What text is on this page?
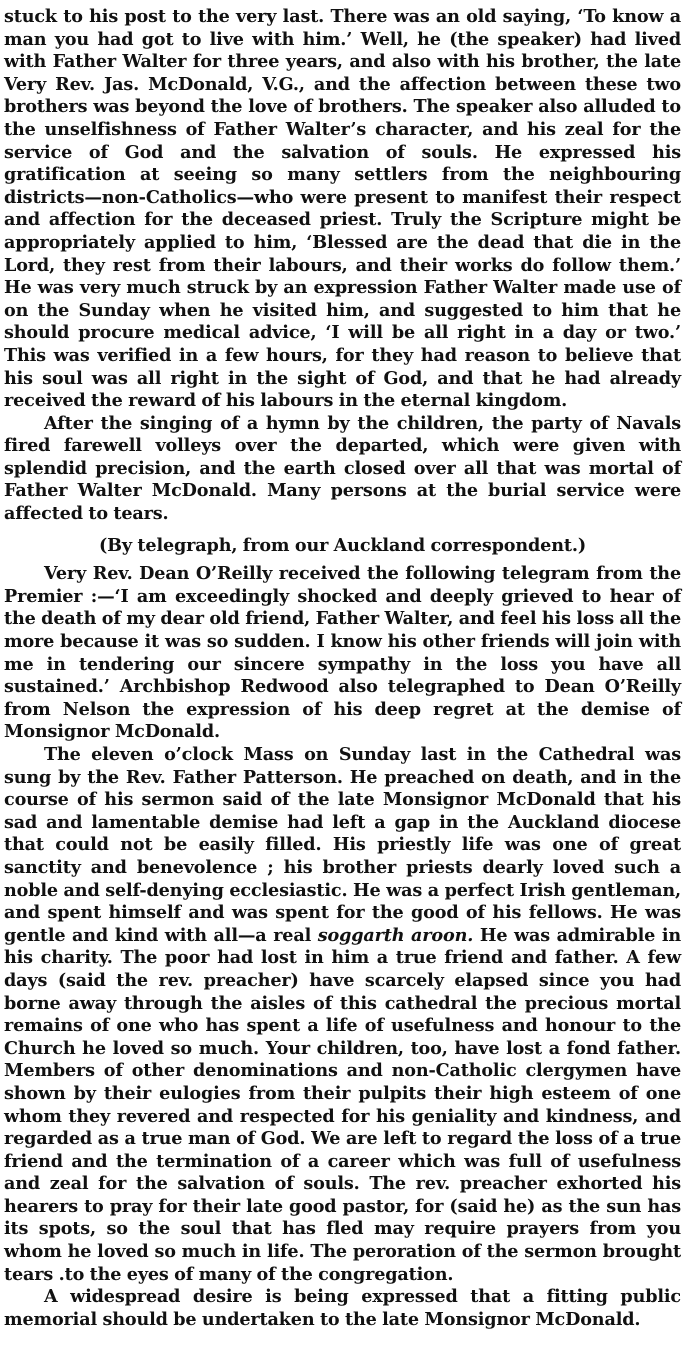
stuck to his post to the very last. There was an old saying, ‘To know a man you had got to live with him.’ Well, he (the speaker) had lived with Father Walter for three years, and also with his brother, the late Very Rev. Jas. McDonald, V.G., and the affection between these two brothers was beyond the love of brothers. The speaker also alluded to the unselfishness of Father Walter’s character, and his zeal for the service of God and the salvation of souls. He expressed his gratification at seeing so many settlers from the neighbouring districts—non-Catholics—who were present to manifest their respect and affection for the deceased priest. Truly the Scripture might be appropriately applied to him, ‘Blessed are the dead that die in the Lord, they rest from their labours, and their works do follow them.’ He was very much struck by an expression Father Walter made use of on the Sunday when he visited him, and suggested to him that he should procure medical advice, ‘I will be all right in a day or two.’ This was verified in a few hours, for they had reason to believe that his soul was all right in the sight of God, and that he had already received the reward of his labours in the eternal kingdom.

After the singing of a hymn by the children, the party of Navals fired farewell volleys over the departed, which were given with splendid precision, and the earth closed over all that was mortal of Father Walter McDonald. Many persons at the burial service were affected to tears.

(By telegraph, from our Auckland correspondent.)

Very Rev. Dean O’Reilly received the following telegram from the Premier :—‘I am exceedingly shocked and deeply grieved to hear of the death of my dear old friend, Father Walter, and feel his loss all the more because it was so sudden. I know his other friends will join with me in tendering our sincere sympathy in the loss you have all sustained.’ Archbishop Redwood also telegraphed to Dean O’Reilly from Nelson the expression of his deep regret at the demise of Monsignor McDonald.

The eleven o’clock Mass on Sunday last in the Cathedral was sung by the Rev. Father Patterson. He preached on death, and in the course of his sermon said of the late Monsignor McDonald that his sad and lamentable demise had left a gap in the Auckland diocese that could not be easily filled. His priestly life was one of great sanctity and benevolence ; his brother priests dearly loved such a noble and self-denying ecclesiastic. He was a perfect Irish gentleman, and spent himself and was spent for the good of his fellows. He was gentle and kind with all—a real soggarth aroon. He was admirable in his charity. The poor had lost in him a true friend and father. A few days (said the rev. preacher) have scarcely elapsed since you had borne away through the aisles of this cathedral the precious mortal remains of one who has spent a life of usefulness and honour to the Church he loved so much. Your children, too, have lost a fond father. Members of other denominations and non-Catholic clergymen have shown by their eulogies from their pulpits their high esteem of one whom they revered and respected for his geniality and kindness, and regarded as a true man of God. We are left to regard the loss of a true friend and the termination of a career which was full of usefulness and zeal for the salvation of souls. The rev. preacher exhorted his hearers to pray for their late good pastor, for (said he) as the sun has its spots, so the soul that has fled may require prayers from you whom he loved so much in life. The peroration of the sermon brought tears .to the eyes of many of the congregation.

A widespread desire is being expressed that a fitting public memorial should be undertaken to the late Monsignor McDonald.
